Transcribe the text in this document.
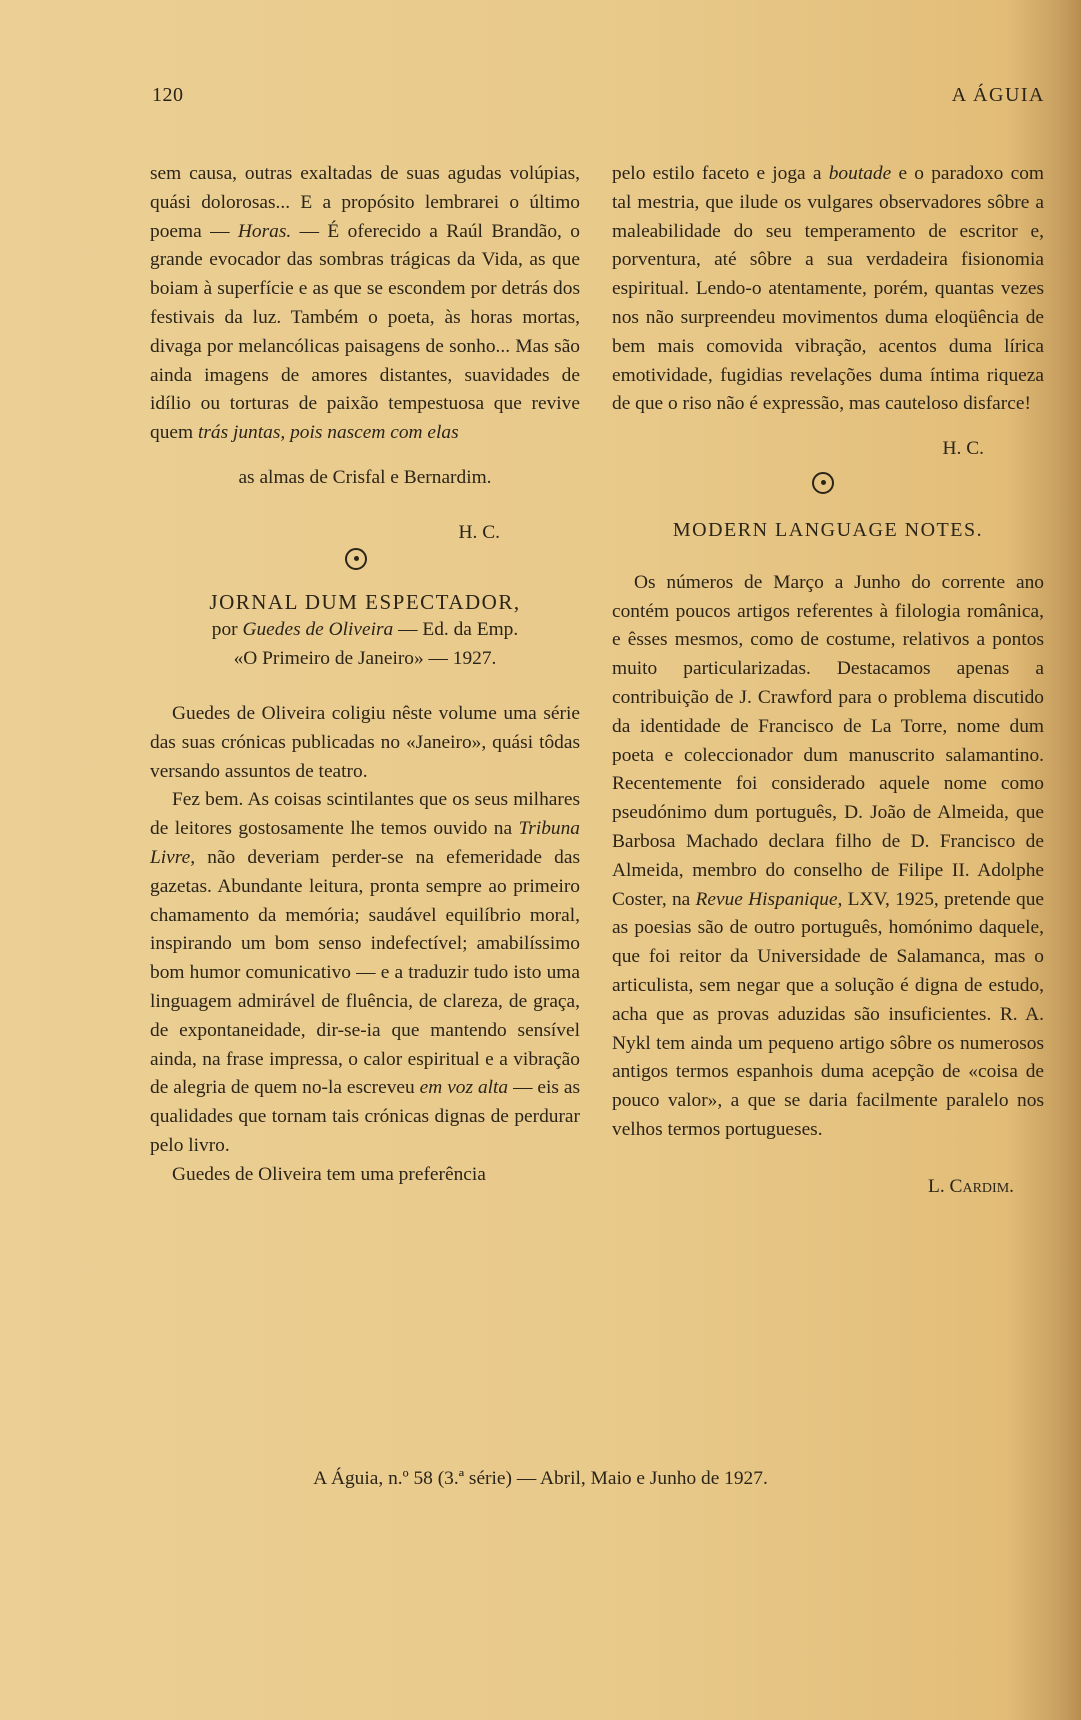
120	A ÁGUIA

sem causa, outras exaltadas de suas agudas volúpias, quási dolorosas... E a propósito lembrarei o último poema — Horas. — É oferecido a Raúl Brandão, o grande evocador das sombras trágicas da Vida, as que boiam à superfície e as que se escondem por detrás dos festivais da luz. Também o poeta, às horas mortas, divaga por melancólicas paisagens de sonho... Mas são ainda imagens de amores distantes, suavidades de idílio ou torturas de paixão tempestuosa que revive quem trás juntas, pois nascem com elas

as almas de Crisfal e Bernardim.

H. C.

JORNAL DUM ESPECTADOR,

por Guedes de Oliveira — Ed. da Emp.

«O Primeiro de Janeiro» — 1927.

Guedes de Oliveira coligiu nêste volume uma série das suas crónicas publicadas no «Janeiro», quási tôdas versando assuntos de teatro.

Fez bem. As coisas scintilantes que os seus milhares de leitores gostosamente lhe temos ouvido na Tribuna Livre, não deveriam perder-se na efemeridade das gazetas. Abundante leitura, pronta sempre ao primeiro chamamento da memória; saudável equilíbrio moral, inspirando um bom senso indefectível; amabilíssimo bom humor comunicativo — e a traduzir tudo isto uma linguagem admirável de fluência, de clareza, de graça, de expontaneidade, dir-se-ia que mantendo sensível ainda, na frase impressa, o calor espiritual e a vibração de alegria de quem no-la escreveu em voz alta — eis as qualidades que tornam tais crónicas dignas de perdurar pelo livro.

Guedes de Oliveira tem uma preferência

pelo estilo faceto e joga a boutade e o paradoxo com tal mestria, que ilude os vulgares observadores sôbre a maleabilidade do seu temperamento de escritor e, porventura, até sôbre a sua verdadeira fisionomia espiritual. Lendo-o atentamente, porém, quantas vezes nos não surpreendeu movimentos duma eloqüência de bem mais comovida vibração, acentos duma lírica emotividade, fugidias revelações duma íntima riqueza de que o riso não é expressão, mas cauteloso disfarce!

H. C.

MODERN LANGUAGE NOTES.

Os números de Março a Junho do corrente ano contém poucos artigos referentes à filologia românica, e êsses mesmos, como de costume, relativos a pontos muito particularizadas. Destacamos apenas a contribuição de J. Crawford para o problema discutido da identidade de Francisco de La Torre, nome dum poeta e coleccionador dum manuscrito salamantino. Recentemente foi considerado aquele nome como pseudónimo dum português, D. João de Almeida, que Barbosa Machado declara filho de D. Francisco de Almeida, membro do conselho de Filipe II. Adolphe Coster, na Revue Hispanique, LXV, 1925, pretende que as poesias são de outro português, homónimo daquele, que foi reitor da Universidade de Salamanca, mas o articulista, sem negar que a solução é digna de estudo, acha que as provas aduzidas são insuficientes. R. A. Nykl tem ainda um pequeno artigo sôbre os numerosos antigos termos espanhois duma acepção de «coisa de pouco valor», a que se daria facilmente paralelo nos velhos termos portugueses.

L. Cardim.

A Águia, n.º 58 (3.ª série) — Abril, Maio e Junho de 1927.
